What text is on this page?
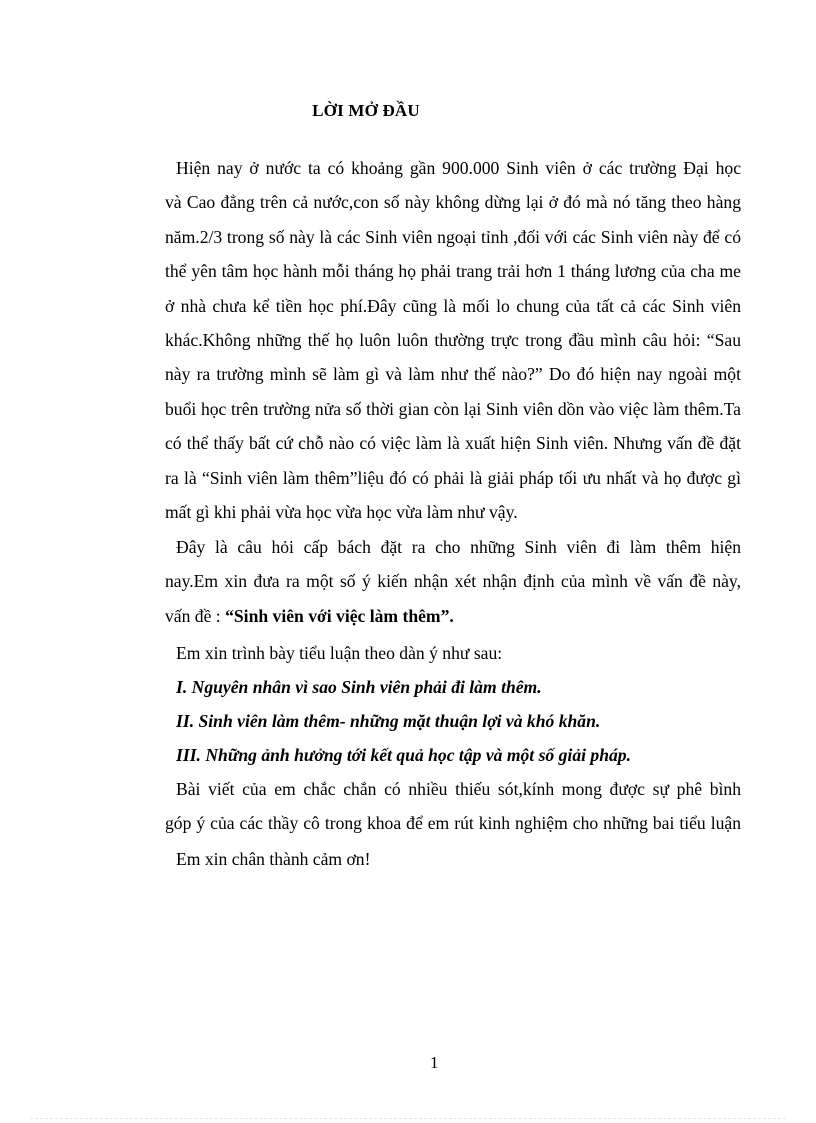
LỜI MỞ ĐẦU
Hiện nay ở nước ta có khoảng gần 900.000 Sinh viên ở các trường Đại học
và Cao đẳng trên cả nước,con số này không dừng lại ở đó mà nó tăng theo hàng
năm.2/3 trong số này là các Sinh viên ngoại tỉnh ,đối với các Sinh viên này để có
thể yên tâm học hành mỗi tháng họ phải trang trải hơn 1 tháng lương của cha me
ở nhà chưa kể tiền học phí.Đây cũng là mối lo chung của tất cả các Sinh viên
khác.Không những thế họ luôn luôn thường trực trong đầu mình câu hỏi: “Sau
này ra trường mình sẽ làm gì và làm như thế nào?” Do đó hiện nay ngoài một
buổi học trên trường nửa số thời gian còn lại Sinh viên dồn vào việc làm thêm.Ta
có thể thấy bất cứ chỗ nào có việc làm là xuất hiện Sinh viên. Nhưng vấn đề đặt
ra là “Sinh viên làm thêm”liệu đó có phải là giải pháp tối ưu nhất và họ được gì
mất gì khi phải vừa học vừa học vừa làm như vậy.
Đây là câu hỏi cấp bách đặt ra cho những Sinh viên đi làm thêm hiện
nay.Em xin đưa ra một số ý kiến nhận xét nhận định của mình về vấn đề này,
vấn đề : “Sinh viên với việc làm thêm”.
Em xin trình bày tiểu luận theo dàn ý như sau:
I. Nguyên nhân vì sao Sinh viên phải đi làm thêm.
II. Sinh viên làm thêm- những mặt thuận lợi và khó khăn.
III. Những ảnh hưởng tới kết quả học tập và một số giải pháp.
Bài viết của em chắc chắn có nhiều thiếu sót,kính mong được sự phê bình
góp ý của các thầy cô trong khoa để em rút kinh nghiệm cho những bai tiểu luận
Em xin chân thành cảm ơn!
1
